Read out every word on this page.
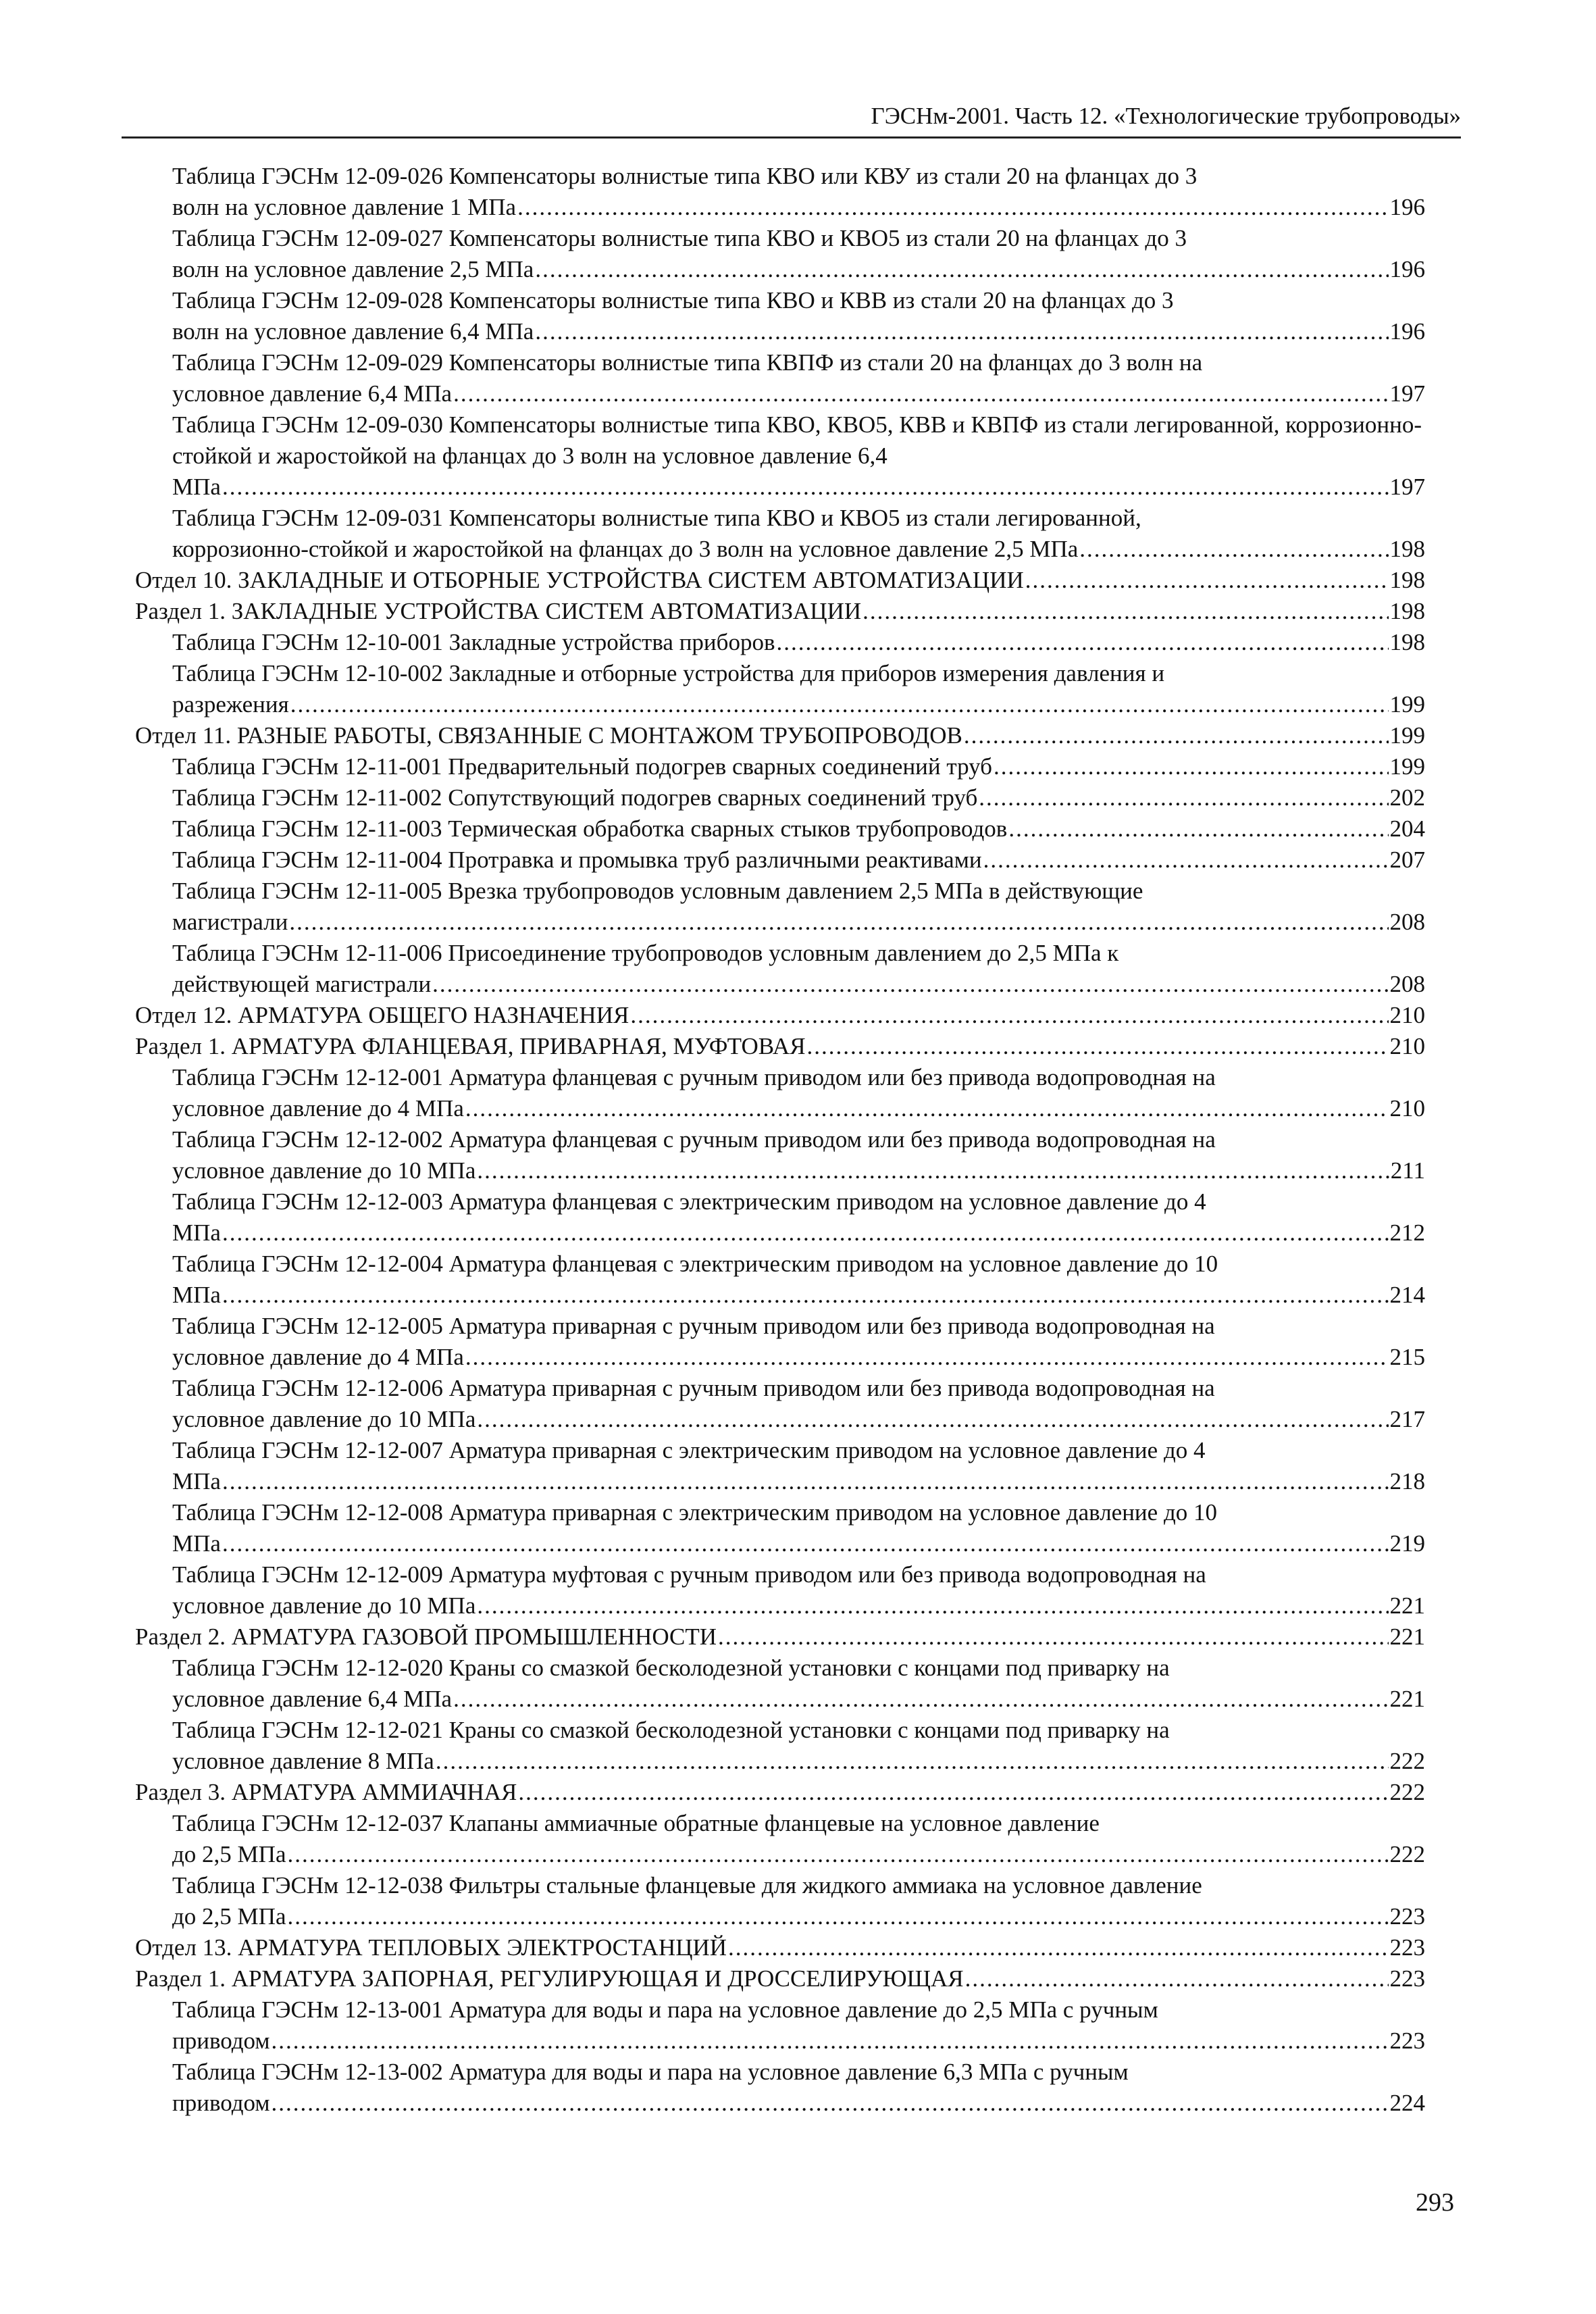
ГЭСНм-2001. Часть 12. «Технологические трубопроводы»
Таблица ГЭСНм 12-09-026 Компенсаторы волнистые типа КВО или КВУ из стали 20 на фланцах до 3
волн на условное давление 1 МПа .....	196
Таблица ГЭСНм 12-09-027 Компенсаторы волнистые типа КВО и КВО5 из стали 20 на фланцах до 3
волн на условное давление 2,5 МПа .....	196
Таблица ГЭСНм 12-09-028 Компенсаторы волнистые типа КВО и КВВ из стали 20 на фланцах до 3
волн на условное давление 6,4 МПа .....	196
Таблица ГЭСНм 12-09-029 Компенсаторы волнистые типа КВПФ из стали 20 на фланцах до 3 волн на
условное давление 6,4 МПа .....	197
Таблица ГЭСНм 12-09-030 Компенсаторы волнистые типа КВО, КВО5, КВВ и КВПФ из стали легированной, коррозионно-стойкой и жаростойкой на фланцах до 3 волн на условное давление 6,4
МПа .....	197
Таблица ГЭСНм 12-09-031 Компенсаторы волнистые типа КВО и КВО5 из стали легированной,
коррозионно-стойкой и жаростойкой на фланцах до 3 волн на условное давление 2,5 МПа .....	198
Отдел 10. ЗАКЛАДНЫЕ И ОТБОРНЫЕ УСТРОЙСТВА СИСТЕМ АВТОМАТИЗАЦИИ .....	198
Раздел 1. ЗАКЛАДНЫЕ УСТРОЙСТВА СИСТЕМ АВТОМАТИЗАЦИИ .....	198
Таблица ГЭСНм 12-10-001 Закладные устройства приборов .....	198
Таблица ГЭСНм 12-10-002 Закладные и отборные устройства для приборов измерения давления и
разрежения .....	199
Отдел 11. РАЗНЫЕ РАБОТЫ, СВЯЗАННЫЕ С МОНТАЖОМ ТРУБОПРОВОДОВ .....	199
Таблица ГЭСНм 12-11-001 Предварительный подогрев сварных соединений труб .....	199
Таблица ГЭСНм 12-11-002 Сопутствующий подогрев сварных соединений труб .....	202
Таблица ГЭСНм 12-11-003 Термическая обработка сварных стыков трубопроводов .....	204
Таблица ГЭСНм 12-11-004 Протравка и промывка труб различными реактивами .....	207
Таблица ГЭСНм 12-11-005 Врезка трубопроводов условным давлением 2,5 МПа в действующие
магистрали .....	208
Таблица ГЭСНм 12-11-006 Присоединение трубопроводов условным давлением до 2,5 МПа к
действующей магистрали .....	208
Отдел 12. АРМАТУРА ОБЩЕГО НАЗНАЧЕНИЯ .....	210
Раздел 1. АРМАТУРА ФЛАНЦЕВАЯ, ПРИВАРНАЯ, МУФТОВАЯ .....	210
Таблица ГЭСНм 12-12-001 Арматура фланцевая с ручным приводом или без привода водопроводная на
условное давление до 4 МПа .....	210
Таблица ГЭСНм 12-12-002 Арматура фланцевая с ручным приводом или без привода водопроводная на
условное давление до 10 МПа .....	211
Таблица ГЭСНм 12-12-003 Арматура фланцевая с электрическим приводом на условное давление до 4
МПа .....	212
Таблица ГЭСНм 12-12-004 Арматура фланцевая с электрическим приводом на условное давление до 10
МПа .....	214
Таблица ГЭСНм 12-12-005 Арматура приварная с ручным приводом или без привода водопроводная на
условное давление до 4 МПа .....	215
Таблица ГЭСНм 12-12-006 Арматура приварная с ручным приводом или без привода водопроводная на
условное давление до 10 МПа .....	217
Таблица ГЭСНм 12-12-007 Арматура приварная с электрическим приводом на условное давление до 4
МПа .....	218
Таблица ГЭСНм 12-12-008 Арматура приварная с электрическим приводом на условное давление до 10
МПа .....	219
Таблица ГЭСНм 12-12-009 Арматура муфтовая с ручным приводом или без привода водопроводная на
условное давление до 10 МПа .....	221
Раздел 2. АРМАТУРА ГАЗОВОЙ ПРОМЫШЛЕННОСТИ .....	221
Таблица ГЭСНм 12-12-020 Краны со смазкой бесколодезной установки с концами под приварку на
условное давление 6,4 МПа .....	221
Таблица ГЭСНм 12-12-021 Краны со смазкой бесколодезной установки с концами под приварку на
условное давление 8 МПа .....	222
Раздел 3. АРМАТУРА АММИАЧНАЯ .....	222
Таблица ГЭСНм 12-12-037 Клапаны аммиачные обратные фланцевые на условное давление
до 2,5 МПа .....	222
Таблица ГЭСНм 12-12-038 Фильтры стальные фланцевые для жидкого аммиака на условное давление
до 2,5 МПа .....	223
Отдел 13. АРМАТУРА ТЕПЛОВЫХ ЭЛЕКТРОСТАНЦИЙ .....	223
Раздел 1. АРМАТУРА ЗАПОРНАЯ, РЕГУЛИРУЮЩАЯ И ДРОССЕЛИРУЮЩАЯ .....	223
Таблица ГЭСНм 12-13-001 Арматура для воды и пара на условное давление до 2,5 МПа с ручным
приводом .....	223
Таблица ГЭСНм 12-13-002 Арматура для воды и пара на условное давление 6,3 МПа с ручным
приводом .....	224
293
